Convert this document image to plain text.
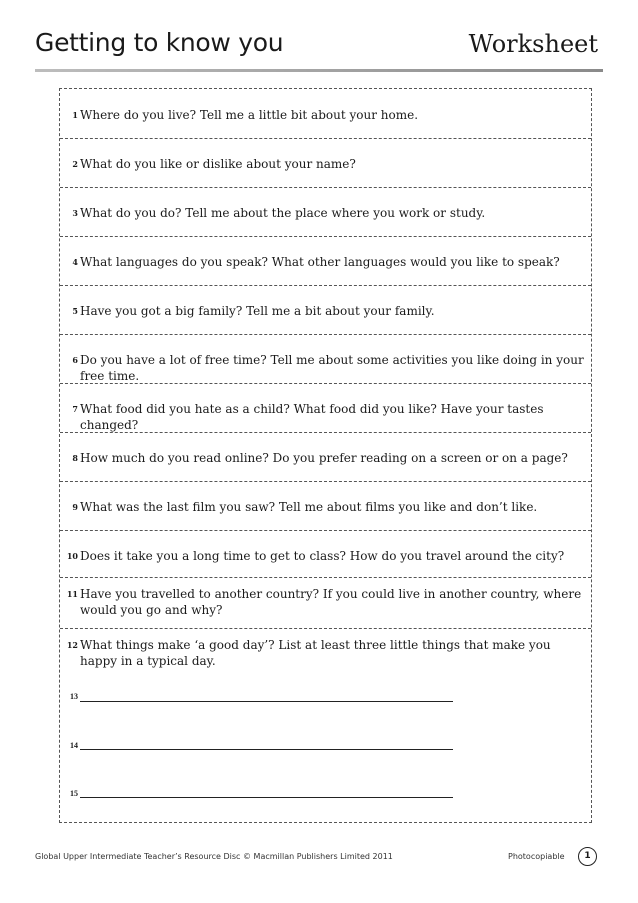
Getting to know you	Worksheet
1 Where do you live? Tell me a little bit about your home.
2 What do you like or dislike about your name?
3 What do you do? Tell me about the place where you work or study.
4 What languages do you speak? What other languages would you like to speak?
5 Have you got a big family? Tell me a bit about your family.
6 Do you have a lot of free time? Tell me about some activities you like doing in your free time.
7 What food did you hate as a child? What food did you like? Have your tastes changed?
8 How much do you read online? Do you prefer reading on a screen or on a page?
9 What was the last film you saw? Tell me about films you like and don’t like.
10 Does it take you a long time to get to class? How do you travel around the city?
11 Have you travelled to another country? If you could live in another country, where would you go and why?
12 What things make ‘a good day’? List at least three little things that make you happy in a typical day.
13
14
15
Global Upper Intermediate Teacher’s Resource Disc © Macmillan Publishers Limited 2011	Photocopiable	1
